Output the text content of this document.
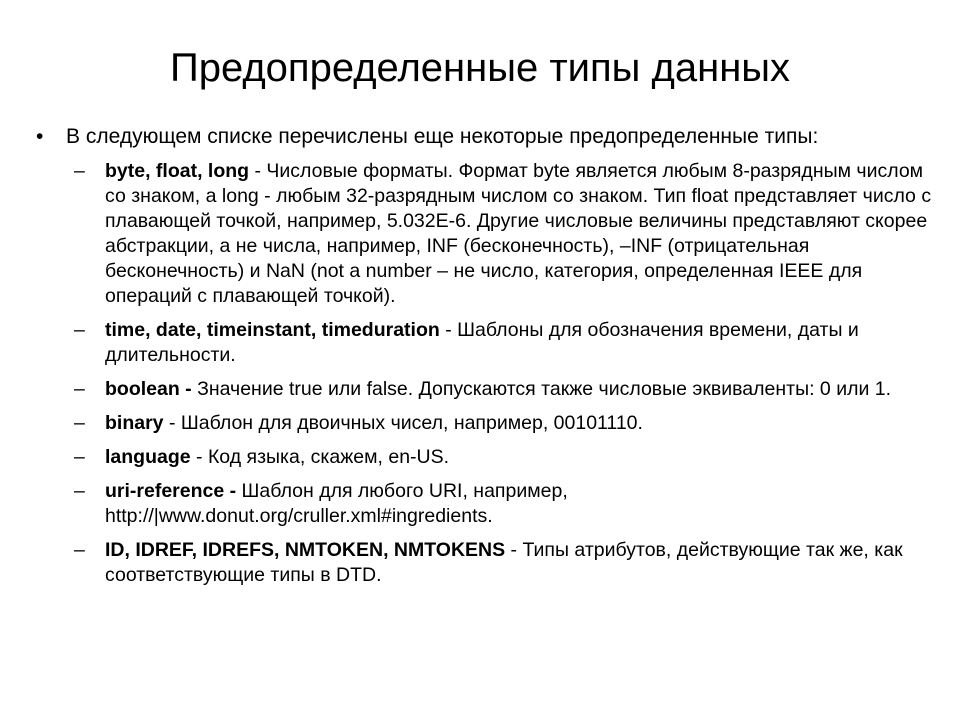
Предопределенные типы данных
•	В следующем списке перечислены еще некоторые предопределенные типы:
–	byte, float, long - Числовые форматы. Формат byte является любым 8-разрядным числом со знаком, а long - любым 32-разрядным числом со знаком. Тип float представляет число с плавающей точкой, например, 5.032E-6. Другие числовые величины представляют скорее абстракции, а не числа, например, INF (бесконечность), –INF (отрицательная бесконечность) и NaN (not a number – не число, категория, определенная IEEE для операций с плавающей точкой).
–	time, date, timeinstant, timeduration - Шаблоны для обозначения времени, даты и длительности.
–	boolean - Значение true или false. Допускаются также числовые эквиваленты: 0 или 1.
–	binary - Шаблон для двоичных чисел, например, 00101110.
–	language - Код языка, скажем, en-US.
–	uri-reference - Шаблон для любого URI, например, http://|www.donut.org/cruller.xml#ingredients.
–	ID, IDREF, IDREFS, NMTOKEN, NMTOKENS - Типы атрибутов, действующие так же, как соответствующие типы в DTD.
